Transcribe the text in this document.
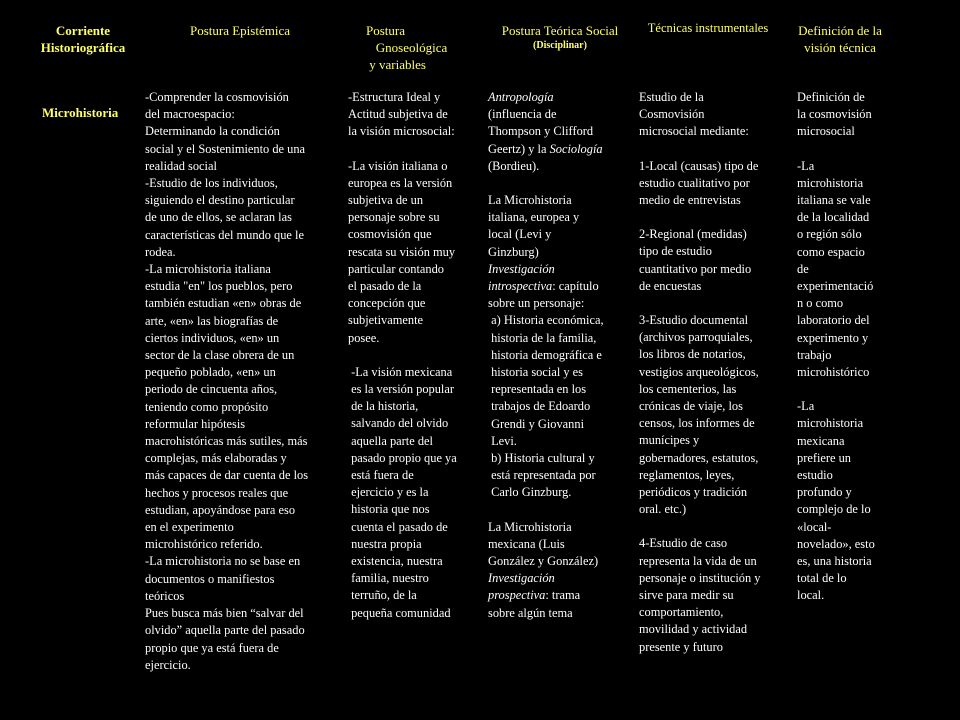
Corriente
Historiográfica
Postura Epistémica	Postura
Gnoseológica
y variables
Postura Teórica Social
(Disciplinar)
Técnicas instrumentales	Definición de la
visión técnica
Microhistoria

-Comprender la cosmovisión
del macroespacio:
Determinando la condición
social y el Sostenimiento de una
realidad social

-Estudio de los individuos,
siguiendo el destino particular
de uno de ellos, se aclaran las
características del mundo que le
rodea.

-La microhistoria italiana
estudia "en" los pueblos, pero
también estudian «en» obras de
arte, «en» las biografías de
ciertos individuos, «en» un
sector de la clase obrera de un
pequeño poblado, «en» un
periodo de cincuenta años,
teniendo como propósito
reformular hipótesis
macrohistóricas más sutiles, más
complejas, más elaboradas y
más capaces de dar cuenta de los
hechos y procesos reales que
estudian, apoyándose para eso
en el experimento
microhistórico referido.

-La microhistoria no se base en
documentos o manifiestos
teóricos

Pues busca más bien “salvar del
olvido” aquella parte del pasado
propio que ya está fuera de
ejercicio.

-Estructura Ideal y
Actitud subjetiva de
la visión microsocial:

-La visión italiana o
europea es la versión
subjetiva de un
personaje sobre su
cosmovisión que
rescata su visión muy
particular contando
el pasado de la
concepción que
subjetivamente
posee.

-La visión mexicana
es la versión popular
de la historia,
salvando del olvido
aquella parte del
pasado propio que ya
está fuera de
ejercicio y es la
historia que nos
cuenta el pasado de
nuestra propia
existencia, nuestra
familia, nuestro
terruño, de la
pequeña comunidad

Antropología
(influencia de
Thompson y Clifford
Geertz) y la Sociología
(Bordieu).

La Microhistoria
italiana, europea y
local (Levi y
Ginzburg)
Investigación
introspectiva: capítulo
sobre un personaje:

a) Historia económica,
historia de la familia,
historia demográfica e
historia social y es
representada en los
trabajos de Edoardo
Grendi y Giovanni
Levi.
b) Historia cultural y
está representada por
Carlo Ginzburg.

La Microhistoria
mexicana (Luis
González y González)
Investigación
prospectiva: trama
sobre algún tema

Estudio de la
Cosmovisión
microsocial mediante:

1-Local (causas) tipo de
estudio cualitativo por
medio de entrevistas

2-Regional (medidas)
tipo de estudio
cuantitativo por medio
de encuestas

3-Estudio documental
(archivos parroquiales,
los libros de notarios,
vestigios arqueológicos,
los cementerios, las
crónicas de viaje, los
censos, los informes de
munícipes y
gobernadores, estatutos,
reglamentos, leyes,
periódicos y tradición
oral. etc.)

4-Estudio de caso
representa la vida de un
personaje o institución y
sirve para medir su
comportamiento,
movilidad y actividad
presente y futuro

Definición de
la cosmovisión
microsocial

-La
microhistoria
italiana se vale
de la localidad
o región sólo
como espacio
de
experimentació
n o como
laboratorio del
experimento y
trabajo
microhistórico

-La
microhistoria
mexicana
prefiere un
estudio
profundo y
complejo de lo
«local-
novelado», esto
es, una historia
total de lo
local.
